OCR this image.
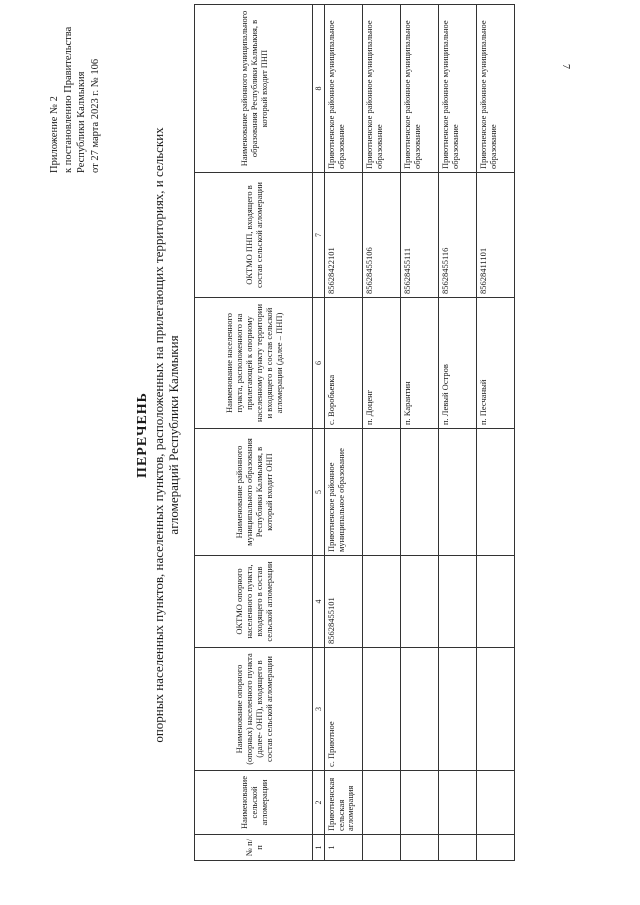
7
Приложение № 2 к постановлению Правительства Республики Калмыкия от 27 марта 2023 г. № 106
ПЕРЕЧЕНЬ опорных населенных пунктов, населенных пунктов, расположенных на прилегающих территориях, и сельских агломераций Республики Калмыкия
№ п/п	Наименование сельской агломерации	Наименование опорного (опорных) населенного пункта (далее- ОНП), входящего в состав сельской агломерации	ОКТМО опорного населенного пункта, входящего в состав сельской агломерации	Наименование районного муниципального образования Республики Калмыкия, в который входит ОНП	Наименование населенного пункта, расположенного на прилегающей к опорному населенному пункту территории и входящего в состав сельской агломерации (далее – ПНП)	ОКТМО ПНП, входящего в состав сельской агломерации	Наименование районного муниципального образования Республики Калмыкия, в который входит ПНП
1	2	3	4	5	6	7	8
1	Приютненская сельская агломерация	с. Приютное	85628455101	Приютненское районное муниципальное образование	с. Воробьевка	85628422101	Приютненское районное муниципальное образование
					п. Доценг	85628455106	Приютненское районное муниципальное образование
					п. Карантин	85628455111	Приютненское районное муниципальное образование
					п. Левый Остров	85628455116	Приютненское районное муниципальное образование
					п. Песчаный	85628411101	Приютненское районное муниципальное образование
